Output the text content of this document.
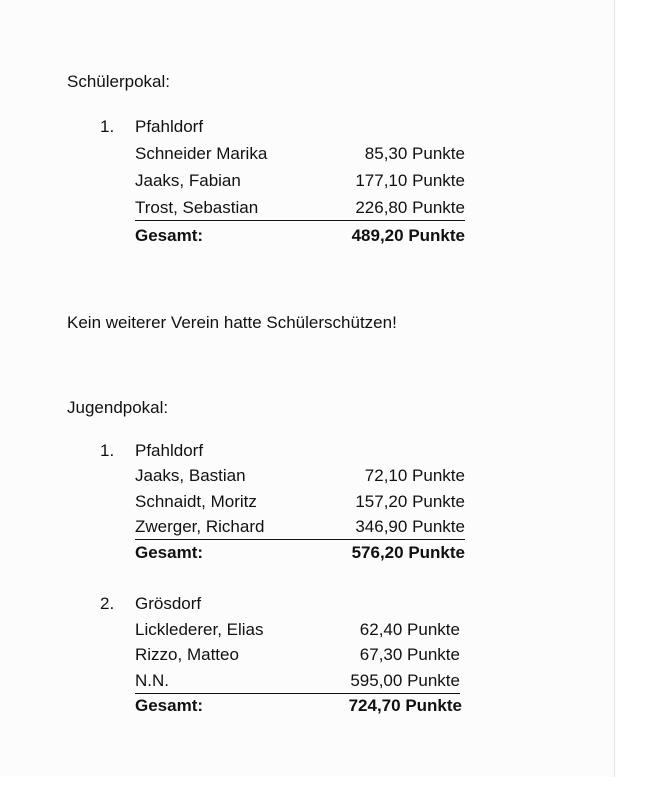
Schülerpokal:
1.	Pfahldorf
Schneider Marika	85,30 Punkte
Jaaks, Fabian	177,10 Punkte
Trost, Sebastian	226,80 Punkte
Gesamt:	489,20 Punkte
Kein weiterer Verein hatte Schülerschützen!
Jugendpokal:
1.	Pfahldorf
Jaaks, Bastian	72,10 Punkte
Schnaidt, Moritz	157,20 Punkte
Zwerger, Richard	346,90 Punkte
Gesamt:	576,20 Punkte
2.	Grösdorf
Licklederer, Elias	62,40 Punkte
Rizzo, Matteo	67,30 Punkte
N.N.	595,00 Punkte
Gesamt:	724,70 Punkte
